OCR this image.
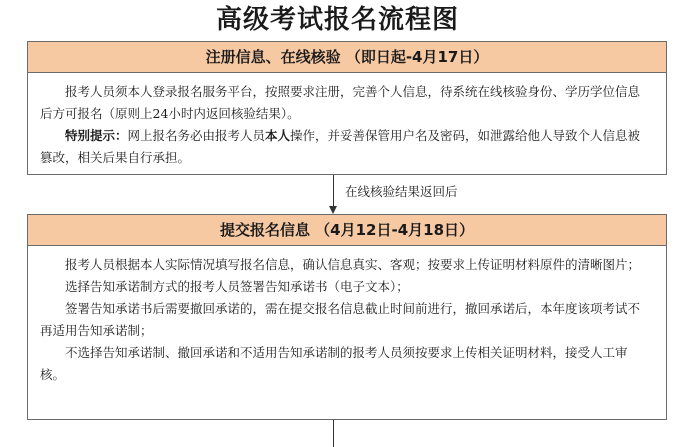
高级考试报名流程图
注册信息、在线核验 （即日起-4月17日）

报考人员须本人登录报名服务平台，按照要求注册，完善个人信息，待系统在线核验身份、学历学位信息后方可报名（原则上24小时内返回核验结果）。

特别提示：网上报名务必由报考人员本人操作，并妥善保管用户名及密码，如泄露给他人导致个人信息被篡改，相关后果自行承担。

在线核验结果返回后
提交报名信息 （4月12日-4月18日）

报考人员根据本人实际情况填写报名信息，确认信息真实、客观；按要求上传证明材料原件的清晰图片；

选择告知承诺制方式的报考人员签署告知承诺书（电子文本）；

签署告知承诺书后需要撤回承诺的，需在提交报名信息截止时间前进行，撤回承诺后，本年度该项考试不再适用告知承诺制；

不选择告知承诺制、撤回承诺和不适用告知承诺制的报考人员须按要求上传相关证明材料，接受人工审核。
